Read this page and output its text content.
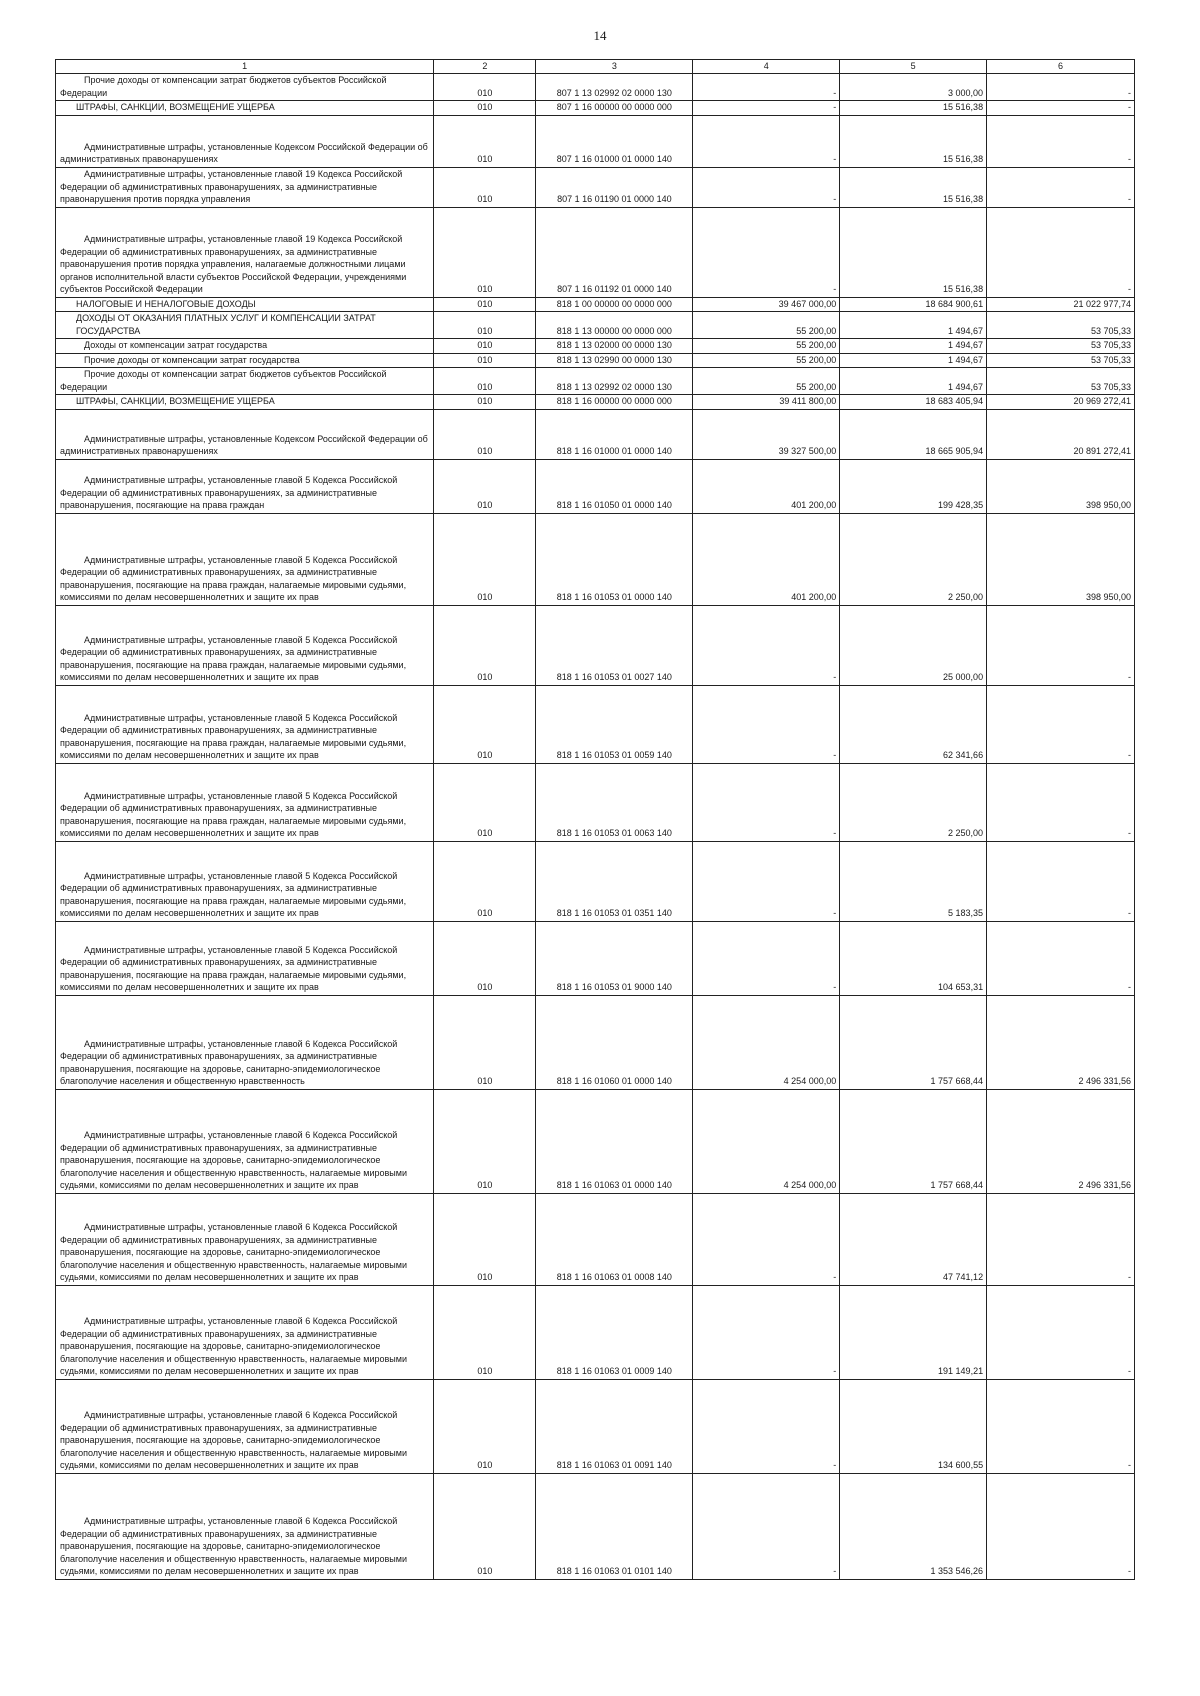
14
1	2	3	4	5	6
Прочие доходы от компенсации затрат бюджетов субъектов Российской Федерации	010	807 1 13 02992 02 0000 130	-	3 000,00	-
ШТРАФЫ, САНКЦИИ, ВОЗМЕЩЕНИЕ УЩЕРБА	010	807 1 16 00000 00 0000 000	-	15 516,38	-
Административные штрафы, установленные Кодексом Российской Федерации об административных правонарушениях	010	807 1 16 01000 01 0000 140	-	15 516,38	-
Административные штрафы, установленные главой 19 Кодекса Российской Федерации об административных правонарушениях, за административные правонарушения против порядка управления	010	807 1 16 01190 01 0000 140	-	15 516,38	-
Административные штрафы, установленные главой 19 Кодекса Российской Федерации об административных правонарушениях, за административные правонарушения против порядка управления, налагаемые должностными лицами органов исполнительной власти субъектов Российской Федерации, учреждениями субъектов Российской Федерации	010	807 1 16 01192 01 0000 140	-	15 516,38	-
НАЛОГОВЫЕ И НЕНАЛОГОВЫЕ ДОХОДЫ	010	818 1 00 00000 00 0000 000	39 467 000,00	18 684 900,61	21 022 977,74
ДОХОДЫ ОТ ОКАЗАНИЯ ПЛАТНЫХ УСЛУГ И КОМПЕНСАЦИИ ЗАТРАТ ГОСУДАРСТВА	010	818 1 13 00000 00 0000 000	55 200,00	1 494,67	53 705,33
Доходы от компенсации затрат государства	010	818 1 13 02000 00 0000 130	55 200,00	1 494,67	53 705,33
Прочие доходы от компенсации затрат государства	010	818 1 13 02990 00 0000 130	55 200,00	1 494,67	53 705,33
Прочие доходы от компенсации затрат бюджетов субъектов Российской Федерации	010	818 1 13 02992 02 0000 130	55 200,00	1 494,67	53 705,33
ШТРАФЫ, САНКЦИИ, ВОЗМЕЩЕНИЕ УЩЕРБА	010	818 1 16 00000 00 0000 000	39 411 800,00	18 683 405,94	20 969 272,41
Административные штрафы, установленные Кодексом Российской Федерации об административных правонарушениях	010	818 1 16 01000 01 0000 140	39 327 500,00	18 665 905,94	20 891 272,41
Административные штрафы, установленные главой 5 Кодекса Российской Федерации об административных правонарушениях, за административные правонарушения, посягающие на права граждан	010	818 1 16 01050 01 0000 140	401 200,00	199 428,35	398 950,00
Административные штрафы, установленные главой 5 Кодекса Российской Федерации об административных правонарушениях, за административные правонарушения, посягающие на права граждан, налагаемые мировыми судьями, комиссиями по делам несовершеннолетних и защите их прав	010	818 1 16 01053 01 0000 140	401 200,00	2 250,00	398 950,00
Административные штрафы, установленные главой 5 Кодекса Российской Федерации об административных правонарушениях, за административные правонарушения, посягающие на права граждан, налагаемые мировыми судьями, комиссиями по делам несовершеннолетних и защите их прав	010	818 1 16 01053 01 0027 140	-	25 000,00	-
Административные штрафы, установленные главой 5 Кодекса Российской Федерации об административных правонарушениях, за административные правонарушения, посягающие на права граждан, налагаемые мировыми судьями, комиссиями по делам несовершеннолетних и защите их прав	010	818 1 16 01053 01 0059 140	-	62 341,66	-
Административные штрафы, установленные главой 5 Кодекса Российской Федерации об административных правонарушениях, за административные правонарушения, посягающие на права граждан, налагаемые мировыми судьями, комиссиями по делам несовершеннолетних и защите их прав	010	818 1 16 01053 01 0063 140	-	2 250,00	-
Административные штрафы, установленные главой 5 Кодекса Российской Федерации об административных правонарушениях, за административные правонарушения, посягающие на права граждан, налагаемые мировыми судьями, комиссиями по делам несовершеннолетних и защите их прав	010	818 1 16 01053 01 0351 140	-	5 183,35	-
Административные штрафы, установленные главой 5 Кодекса Российской Федерации об административных правонарушениях, за административные правонарушения, посягающие на права граждан, налагаемые мировыми судьями, комиссиями по делам несовершеннолетних и защите их прав	010	818 1 16 01053 01 9000 140	-	104 653,31	-
Административные штрафы, установленные главой 6 Кодекса Российской Федерации об административных правонарушениях, за административные правонарушения, посягающие на здоровье, санитарно-эпидемиологическое благополучие населения и общественную нравственность	010	818 1 16 01060 01 0000 140	4 254 000,00	1 757 668,44	2 496 331,56
Административные штрафы, установленные главой 6 Кодекса Российской Федерации об административных правонарушениях, за административные правонарушения, посягающие на здоровье, санитарно-эпидемиологическое благополучие населения и общественную нравственность, налагаемые мировыми судьями, комиссиями по делам несовершеннолетних и защите их прав	010	818 1 16 01063 01 0000 140	4 254 000,00	1 757 668,44	2 496 331,56
Административные штрафы, установленные главой 6 Кодекса Российской Федерации об административных правонарушениях, за административные правонарушения, посягающие на здоровье, санитарно-эпидемиологическое благополучие населения и общественную нравственность, налагаемые мировыми судьями, комиссиями по делам несовершеннолетних и защите их прав	010	818 1 16 01063 01 0008 140	-	47 741,12	-
Административные штрафы, установленные главой 6 Кодекса Российской Федерации об административных правонарушениях, за административные правонарушения, посягающие на здоровье, санитарно-эпидемиологическое благополучие населения и общественную нравственность, налагаемые мировыми судьями, комиссиями по делам несовершеннолетних и защите их прав	010	818 1 16 01063 01 0009 140	-	191 149,21	-
Административные штрафы, установленные главой 6 Кодекса Российской Федерации об административных правонарушениях, за административные правонарушения, посягающие на здоровье, санитарно-эпидемиологическое благополучие населения и общественную нравственность, налагаемые мировыми судьями, комиссиями по делам несовершеннолетних и защите их прав	010	818 1 16 01063 01 0091 140	-	134 600,55	-
Административные штрафы, установленные главой 6 Кодекса Российской Федерации об административных правонарушениях, за административные правонарушения, посягающие на здоровье, санитарно-эпидемиологическое благополучие населения и общественную нравственность, налагаемые мировыми судьями, комиссиями по делам несовершеннолетних и защите их прав	010	818 1 16 01063 01 0101 140	-	1 353 546,26	-
